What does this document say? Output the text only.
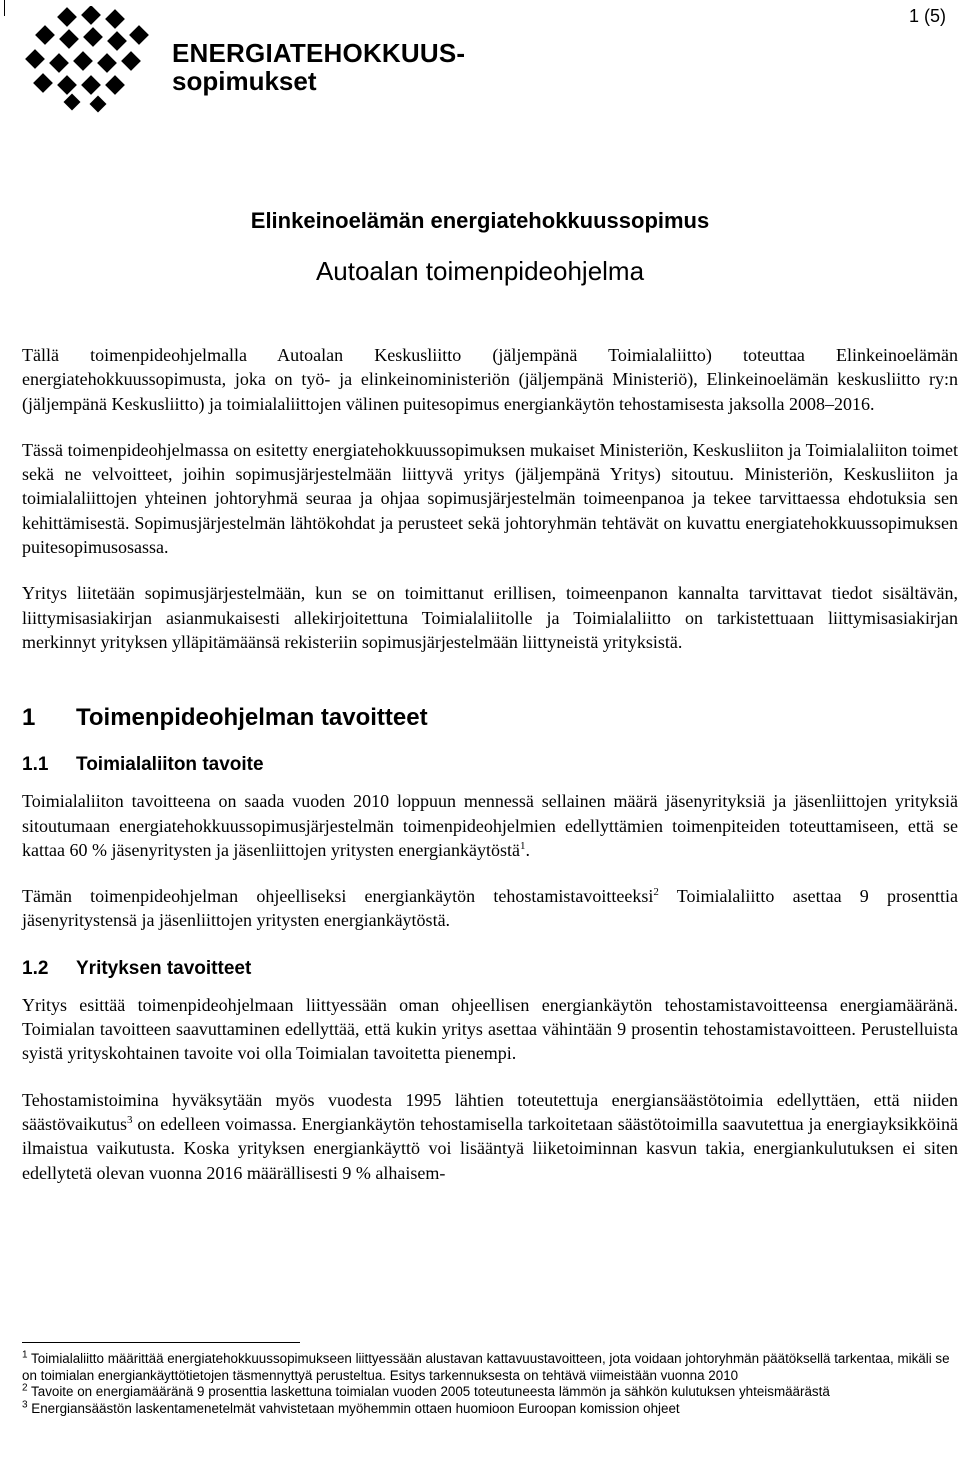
1 (5)
ENERGIATEHOKKUUS-
sopimukset
Elinkeinoelämän energiatehokkuussopimus
Autoalan toimenpideohjelma

Tällä toimenpideohjelmalla Autoalan Keskusliitto (jäljempänä Toimialaliitto) toteuttaa Elinkeinoelämän energiatehokkuussopimusta, joka on työ- ja elinkeinoministeriön (jäljempänä Ministeriö), Elinkeinoelämän keskusliitto ry:n (jäljempänä Keskusliitto) ja toimialaliittojen välinen puitesopimus energiankäytön tehostamisesta jaksolla 2008–2016.

Tässä toimenpideohjelmassa on esitetty energiatehokkuussopimuksen mukaiset Ministeriön, Keskusliiton ja Toimialaliiton toimet sekä ne velvoitteet, joihin sopimusjärjestelmään liittyvä yritys (jäljempänä Yritys) sitoutuu. Ministeriön, Keskusliiton ja toimialaliittojen yhteinen johtoryhmä seuraa ja ohjaa sopimusjärjestelmän toimeenpanoa ja tekee tarvittaessa ehdotuksia sen kehittämisestä. Sopimusjärjestelmän lähtökohdat ja perusteet sekä johtoryhmän tehtävät on kuvattu energiatehokkuussopimuksen puitesopimusosassa.

Yritys liitetään sopimusjärjestelmään, kun se on toimittanut erillisen, toimeenpanon kannalta tarvittavat tiedot sisältävän, liittymisasiakirjan asianmukaisesti allekirjoitettuna Toimialaliitolle ja Toimialaliitto on tarkistettuaan liittymisasiakirjan merkinnyt yrityksen ylläpitämäänsä rekisteriin sopimusjärjestelmään liittyneistä yrityksistä.

1 Toimenpideohjelman tavoitteet
1.1 Toimialaliiton tavoite

Toimialaliiton tavoitteena on saada vuoden 2010 loppuun mennessä sellainen määrä jäsenyrityksiä ja jäsenliittojen yrityksiä sitoutumaan energiatehokkuussopimusjärjestelmän toimenpideohjelmien edellyttämien toimenpiteiden toteuttamiseen, että se kattaa 60 % jäsenyritysten ja jäsenliittojen yritysten energiankäytöstä$^1$.

Tämän toimenpideohjelman ohjeelliseksi energiankäytön tehostamistavoitteeksi$^2$ Toimialaliitto asettaa 9 prosenttia jäsenyritystensä ja jäsenliittojen yritysten energiankäytöstä.

1.2 Yrityksen tavoitteet

Yritys esittää toimenpideohjelmaan liittyessään oman ohjeellisen energiankäytön tehostamistavoitteensa energiamääränä. Toimialan tavoitteen saavuttaminen edellyttää, että kukin yritys asettaa vähintään 9 prosentin tehostamistavoitteen. Perustelluista syistä yrityskohtainen tavoite voi olla Toimialan tavoitetta pienempi.

Tehostamistoimina hyväksytään myös vuodesta 1995 lähtien toteutettuja energiansäästötoimia edellyttäen, että niiden säästövaikutus$^3$ on edelleen voimassa. Energiankäytön tehostamisella tarkoitetaan säästötoimilla saavutettua ja energiayksikköinä ilmaistua vaikutusta. Koska yrityksen energiankäyttö voi lisääntyä liiketoiminnan kasvun takia, energiankulutuksen ei siten edellytetä olevan vuonna 2016 määrällisesti 9 % alhaisem-

$^1$ Toimialaliitto määrittää energiatehokkuussopimukseen liittyessään alustavan kattavuustavoitteen, jota voidaan johtoryhmän päätöksellä tarkentaa, mikäli se on toimialan energiankäyttötietojen täsmennyttyä perusteltua. Esitys tarkennuksesta on tehtävä viimeistään vuonna 2010

$^2$ Tavoite on energiamääränä 9 prosenttia laskettuna toimialan vuoden 2005 toteutuneesta lämmön ja sähkön kulutuksen yhteismäärästä

$^3$ Energiansäästön laskentamenetelmät vahvistetaan myöhemmin ottaen huomioon Euroopan komission ohjeet
